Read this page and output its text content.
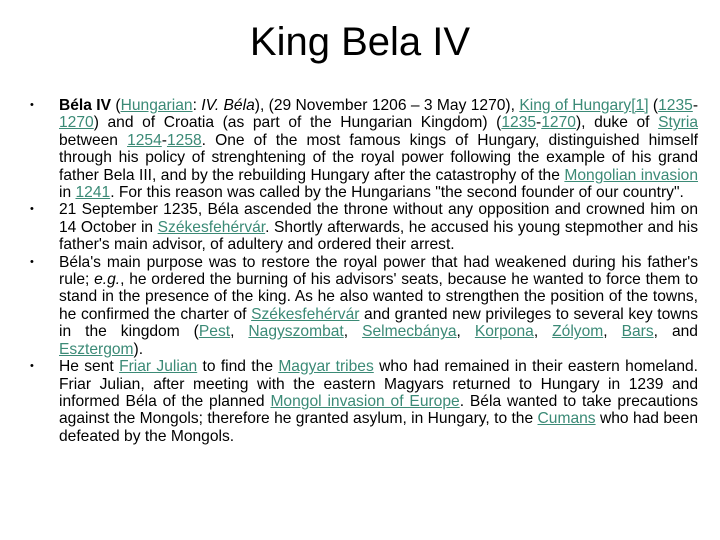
King Bela IV
• Béla IV (Hungarian: IV. Béla), (29 November 1206 – 3 May 1270), King of Hungary[1] (1235-1270) and of Croatia (as part of the Hungarian Kingdom) (1235-1270), duke of Styria between 1254-1258. One of the most famous kings of Hungary, distinguished himself through his policy of strenghtening of the royal power following the example of his grand father Bela III, and by the rebuilding Hungary after the catastrophy of the Mongolian invasion in 1241. For this reason was called by the Hungarians "the second founder of our country".
• 21 September 1235, Béla ascended the throne without any opposition and crowned him on 14 October in Székesfehérvár. Shortly afterwards, he accused his young stepmother and his father's main advisor, of adultery and ordered their arrest.
• Béla's main purpose was to restore the royal power that had weakened during his father's rule; e.g., he ordered the burning of his advisors' seats, because he wanted to force them to stand in the presence of the king. As he also wanted to strengthen the position of the towns, he confirmed the charter of Székesfehérvár and granted new privileges to several key towns in the kingdom (Pest, Nagyszombat, Selmecbánya, Korpona, Zólyom, Bars, and Esztergom).
• He sent Friar Julian to find the Magyar tribes who had remained in their eastern homeland. Friar Julian, after meeting with the eastern Magyars returned to Hungary in 1239 and informed Béla of the planned Mongol invasion of Europe. Béla wanted to take precautions against the Mongols; therefore he granted asylum, in Hungary, to the Cumans who had been defeated by the Mongols.
